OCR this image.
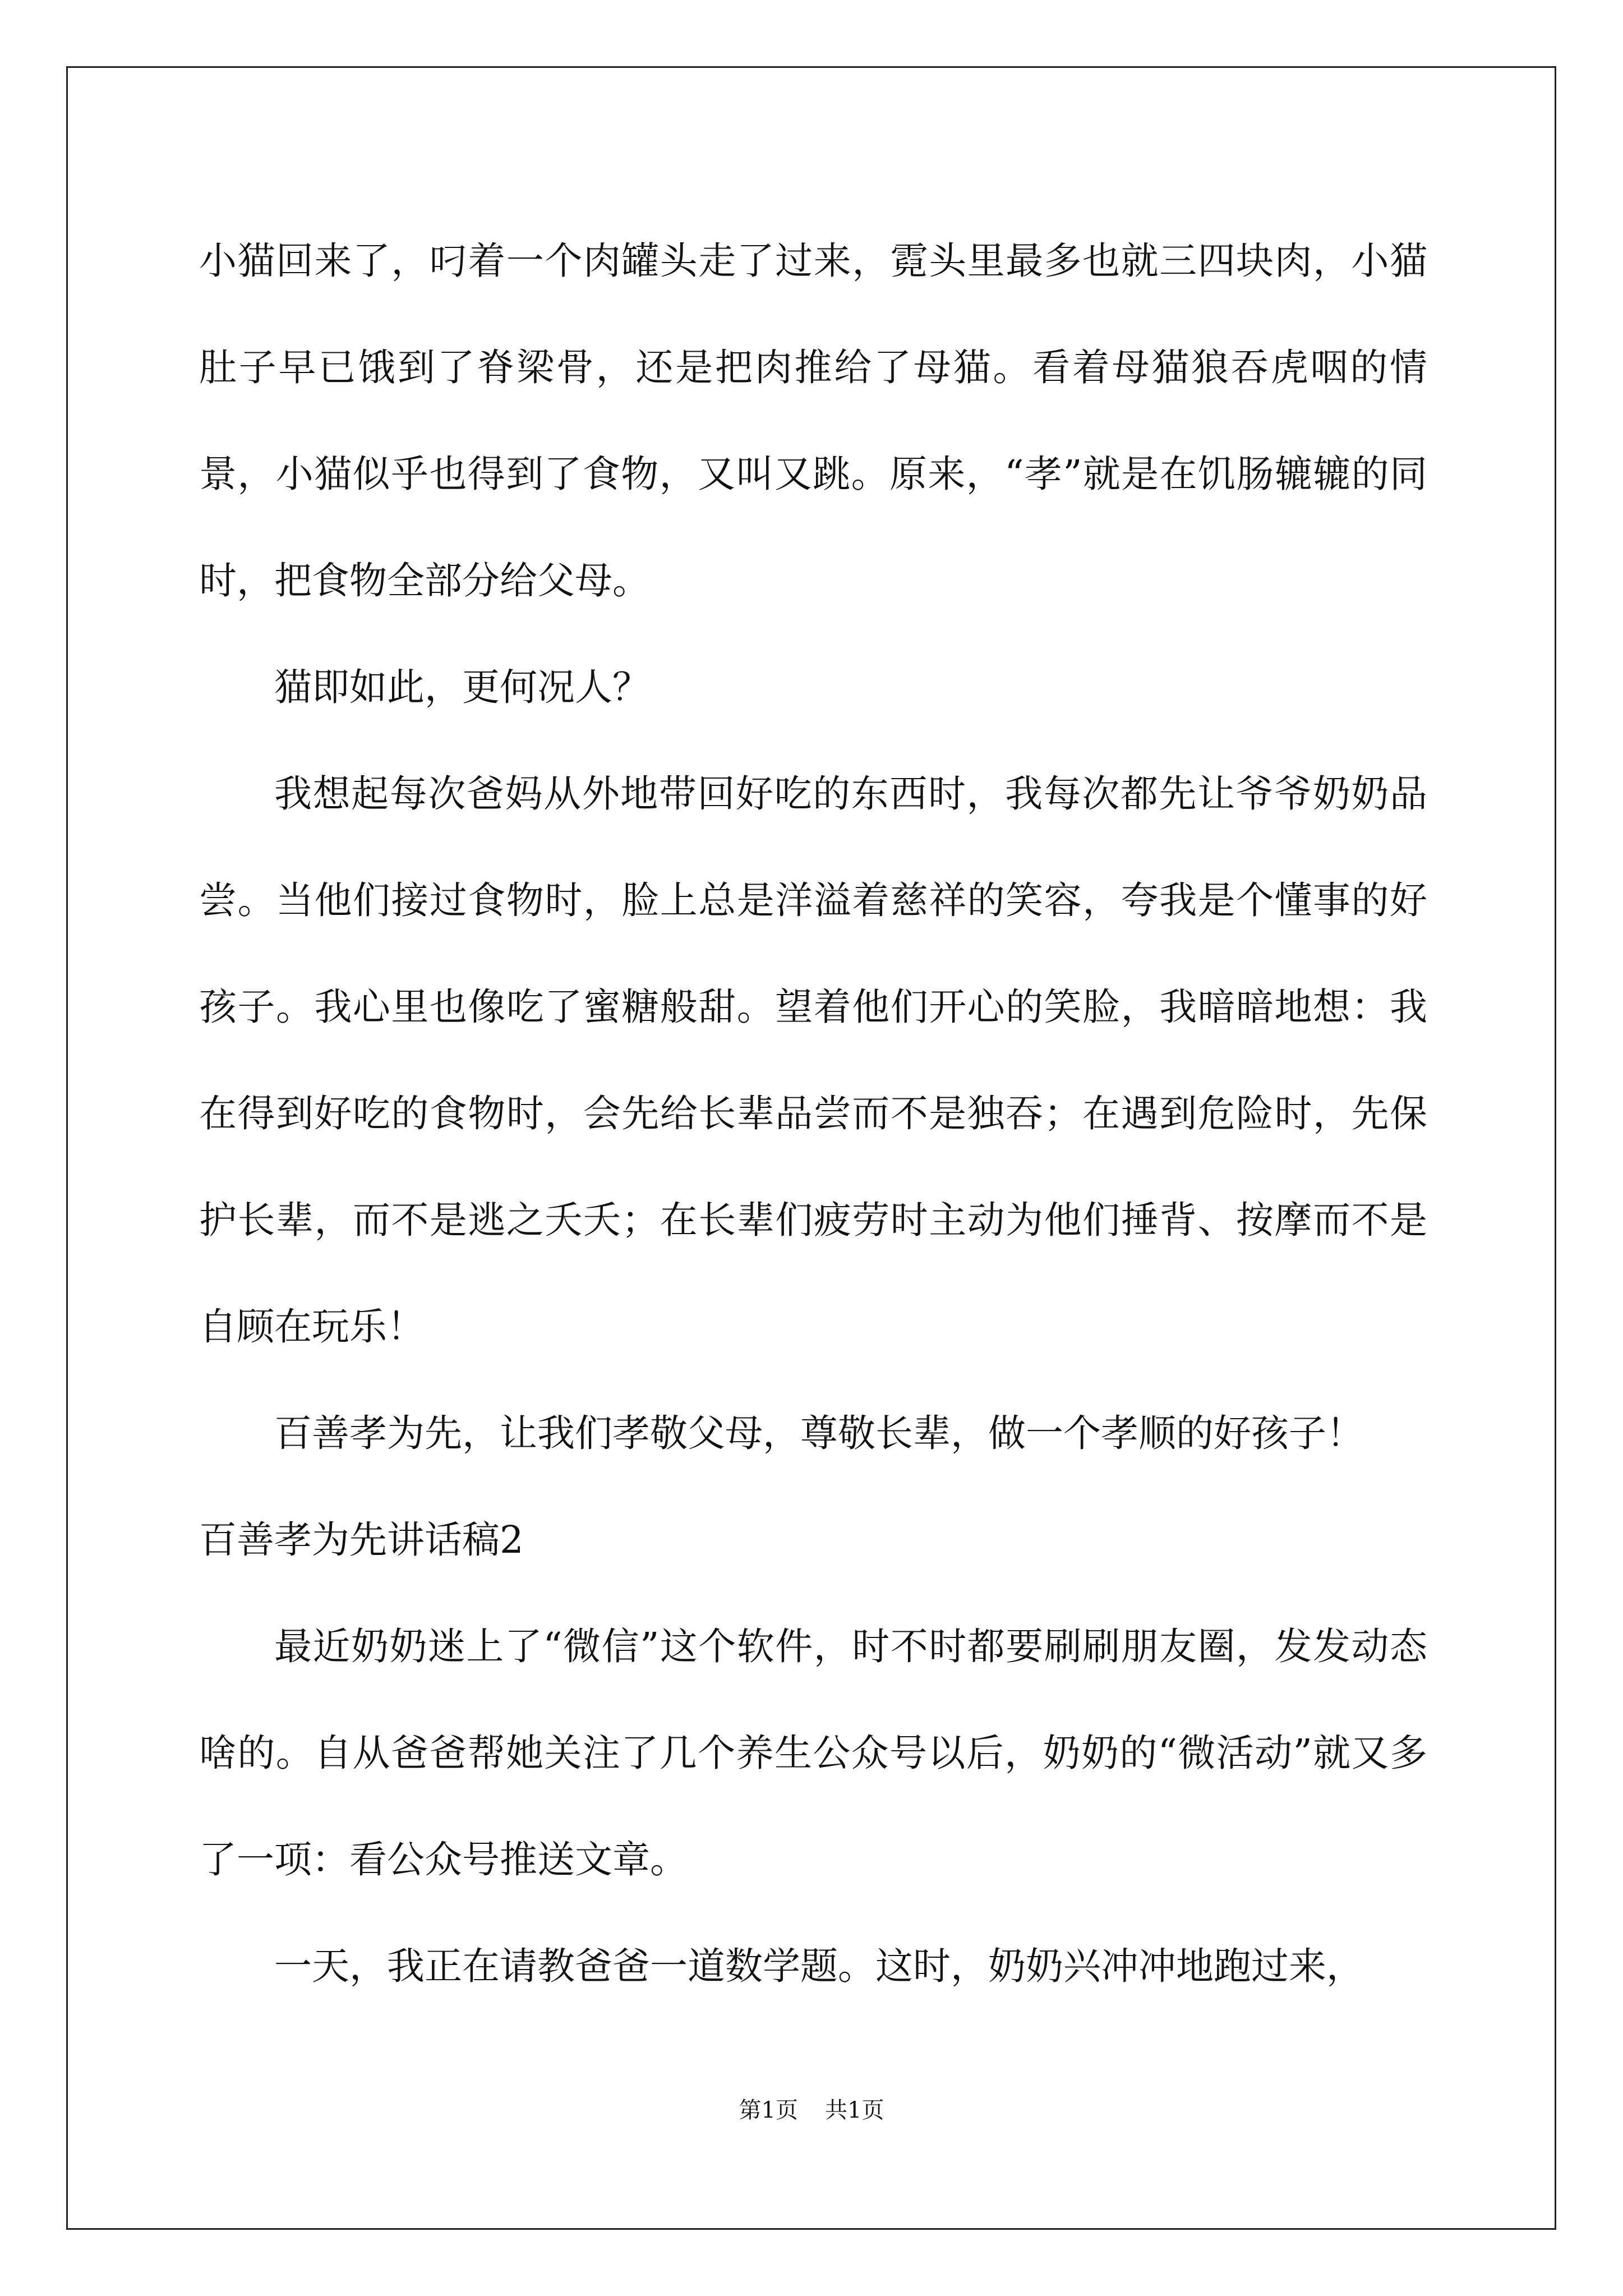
小猫回来了，叼着一个肉罐头走了过来，霓头里最多也就三四块肉，小猫肚子早已饿到了脊梁骨，还是把肉推给了母猫。看着母猫狼吞虎咽的情景，小猫似乎也得到了食物，又叫又跳。原来，“孝”就是在饥肠辘辘的同时，把食物全部分给父母。

猫即如此，更何况人？

我想起每次爸妈从外地带回好吃的东西时，我每次都先让爷爷奶奶品尝。当他们接过食物时，脸上总是洋溢着慈祥的笑容，夸我是个懂事的好孩子。我心里也像吃了蜜糖般甜。望着他们开心的笑脸，我暗暗地想：我在得到好吃的食物时，会先给长辈品尝而不是独吞；在遇到危险时，先保护长辈，而不是逃之夭夭；在长辈们疲劳时主动为他们捶背、按摩而不是自顾在玩乐！

百善孝为先，让我们孝敬父母，尊敬长辈，做一个孝顺的好孩子！

百善孝为先讲话稿2

最近奶奶迷上了“微信”这个软件，时不时都要刷刷朋友圈，发发动态啥的。自从爸爸帮她关注了几个养生公众号以后，奶奶的“微活动”就又多了一项：看公众号推送文章。

一天，我正在请教爸爸一道数学题。这时，奶奶兴冲冲地跑过来，

第1页 共1页
